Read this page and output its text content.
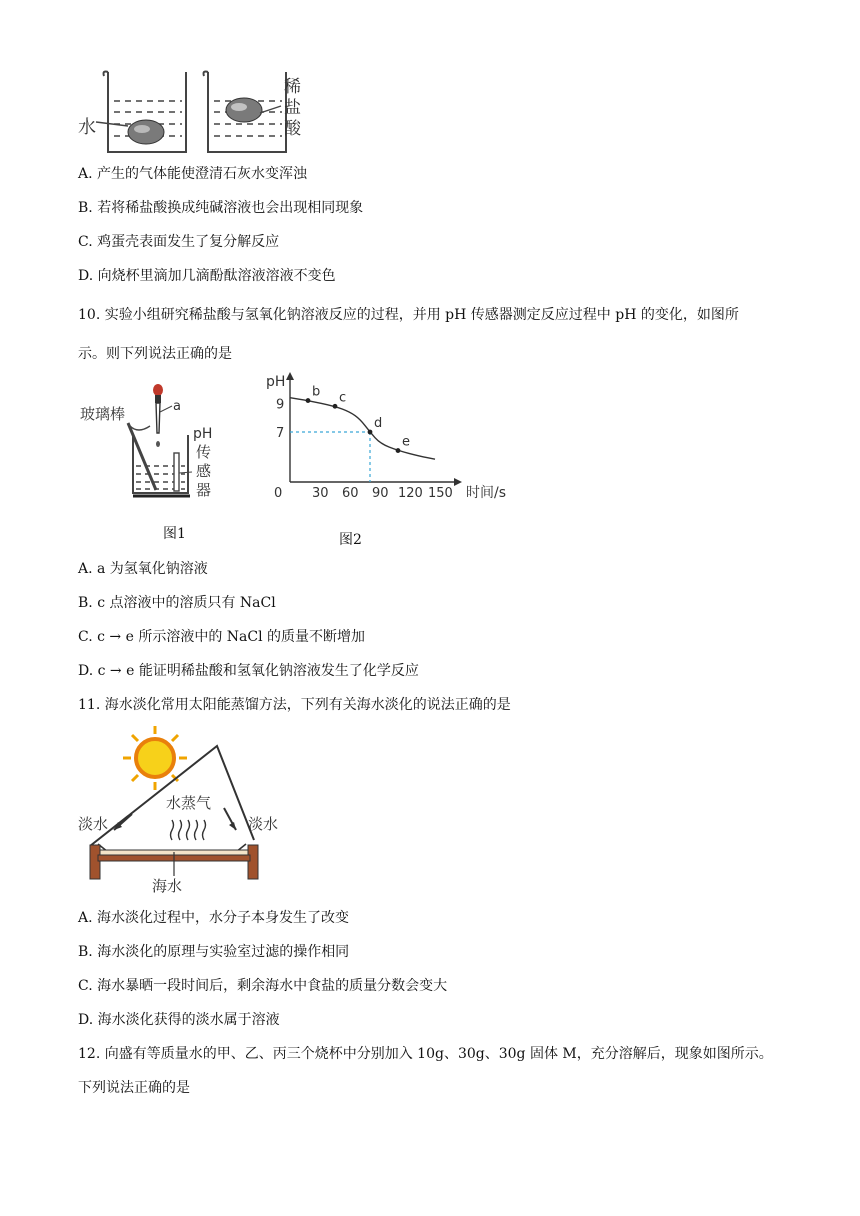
水
稀
盐
酸
A. 产生的气体能使澄清石灰水变浑浊
B. 若将稀盐酸换成纯碱溶液也会出现相同现象
C. 鸡蛋壳表面发生了复分解反应
D. 向烧杯里滴加几滴酚酞溶液溶液不变色
10. 实验小组研究稀盐酸与氢氧化钠溶液反应的过程，并用 pH 传感器测定反应过程中 pH 的变化，如图所
示。则下列说法正确的是
玻璃棒	a
pH
传
感
器
图1
pH
时间/s
0 30 60 90 120 150
7
9
b c
d
e
图2
A. a 为氢氧化钠溶液
B. c 点溶液中的溶质只有 NaCl
C. c → e 所示溶液中的 NaCl 的质量不断增加
D. c → e 能证明稀盐酸和氢氧化钠溶液发生了化学反应
11. 海水淡化常用太阳能蒸馏方法，下列有关海水淡化的说法正确的是
水蒸气
淡水	淡水
海水
A. 海水淡化过程中，水分子本身发生了改变
B. 海水淡化的原理与实验室过滤的操作相同
C. 海水暴晒一段时间后，剩余海水中食盐的质量分数会变大
D. 海水淡化获得的淡水属于溶液
12. 向盛有等质量水的甲、乙、丙三个烧杯中分别加入 10g、30g、30g 固体 M，充分溶解后，现象如图所示。
下列说法正确的是
